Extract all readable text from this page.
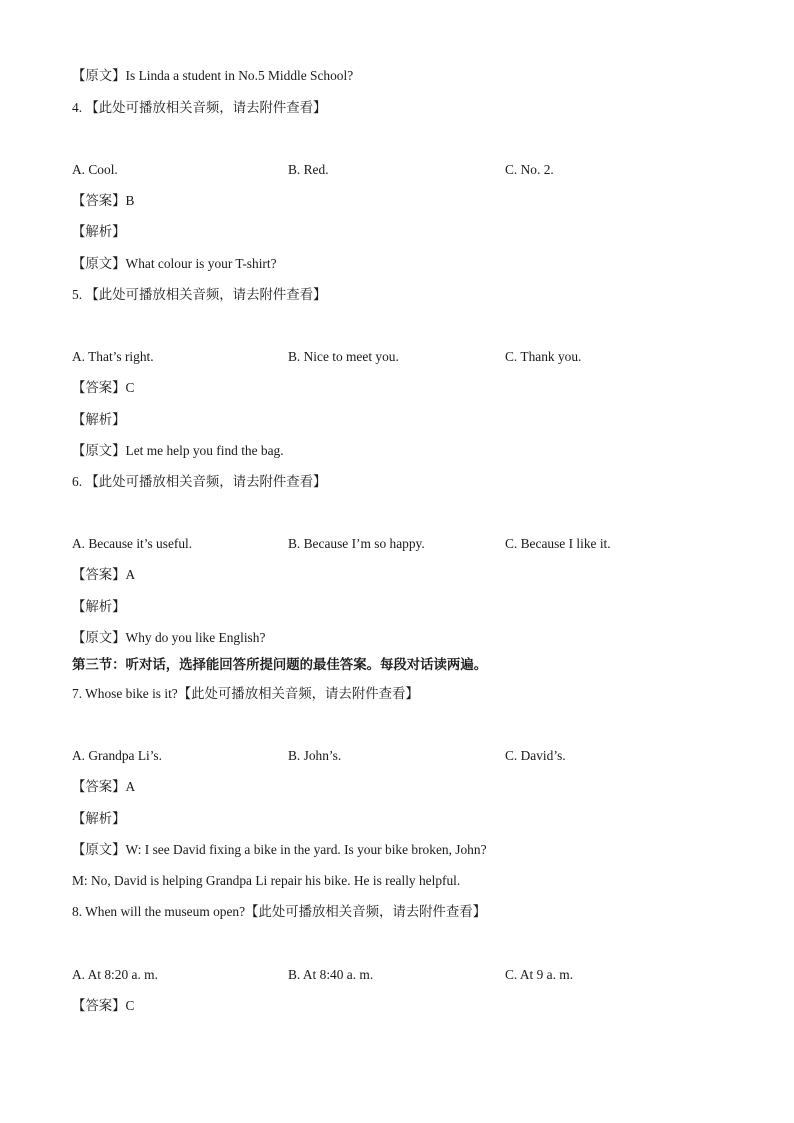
【原文】Is Linda a student in No.5 Middle School?
4. 【此处可播放相关音频，请去附件查看】
A. Cool.	B. Red.	C. No. 2.
【答案】B
【解析】
【原文】What colour is your T-shirt?
5. 【此处可播放相关音频，请去附件查看】
A. That’s right.	B. Nice to meet you.	C. Thank you.
【答案】C
【解析】
【原文】Let me help you find the bag.
6. 【此处可播放相关音频，请去附件查看】
A. Because it’s useful.	B. Because I’m so happy.	C. Because I like it.
【答案】A
【解析】
【原文】Why do you like English?
第三节：听对话，选择能回答所提问题的最佳答案。每段对话读两遍。
7. Whose bike is it?【此处可播放相关音频，请去附件查看】
A. Grandpa Li’s.	B. John’s.	C. David’s.
【答案】A
【解析】
【原文】W: I see David fixing a bike in the yard. Is your bike broken, John?
M: No, David is helping Grandpa Li repair his bike. He is really helpful.
8. When will the museum open?【此处可播放相关音频，请去附件查看】
A. At 8:20 a. m.	B. At 8:40 a. m.	C. At 9 a. m.
【答案】C
